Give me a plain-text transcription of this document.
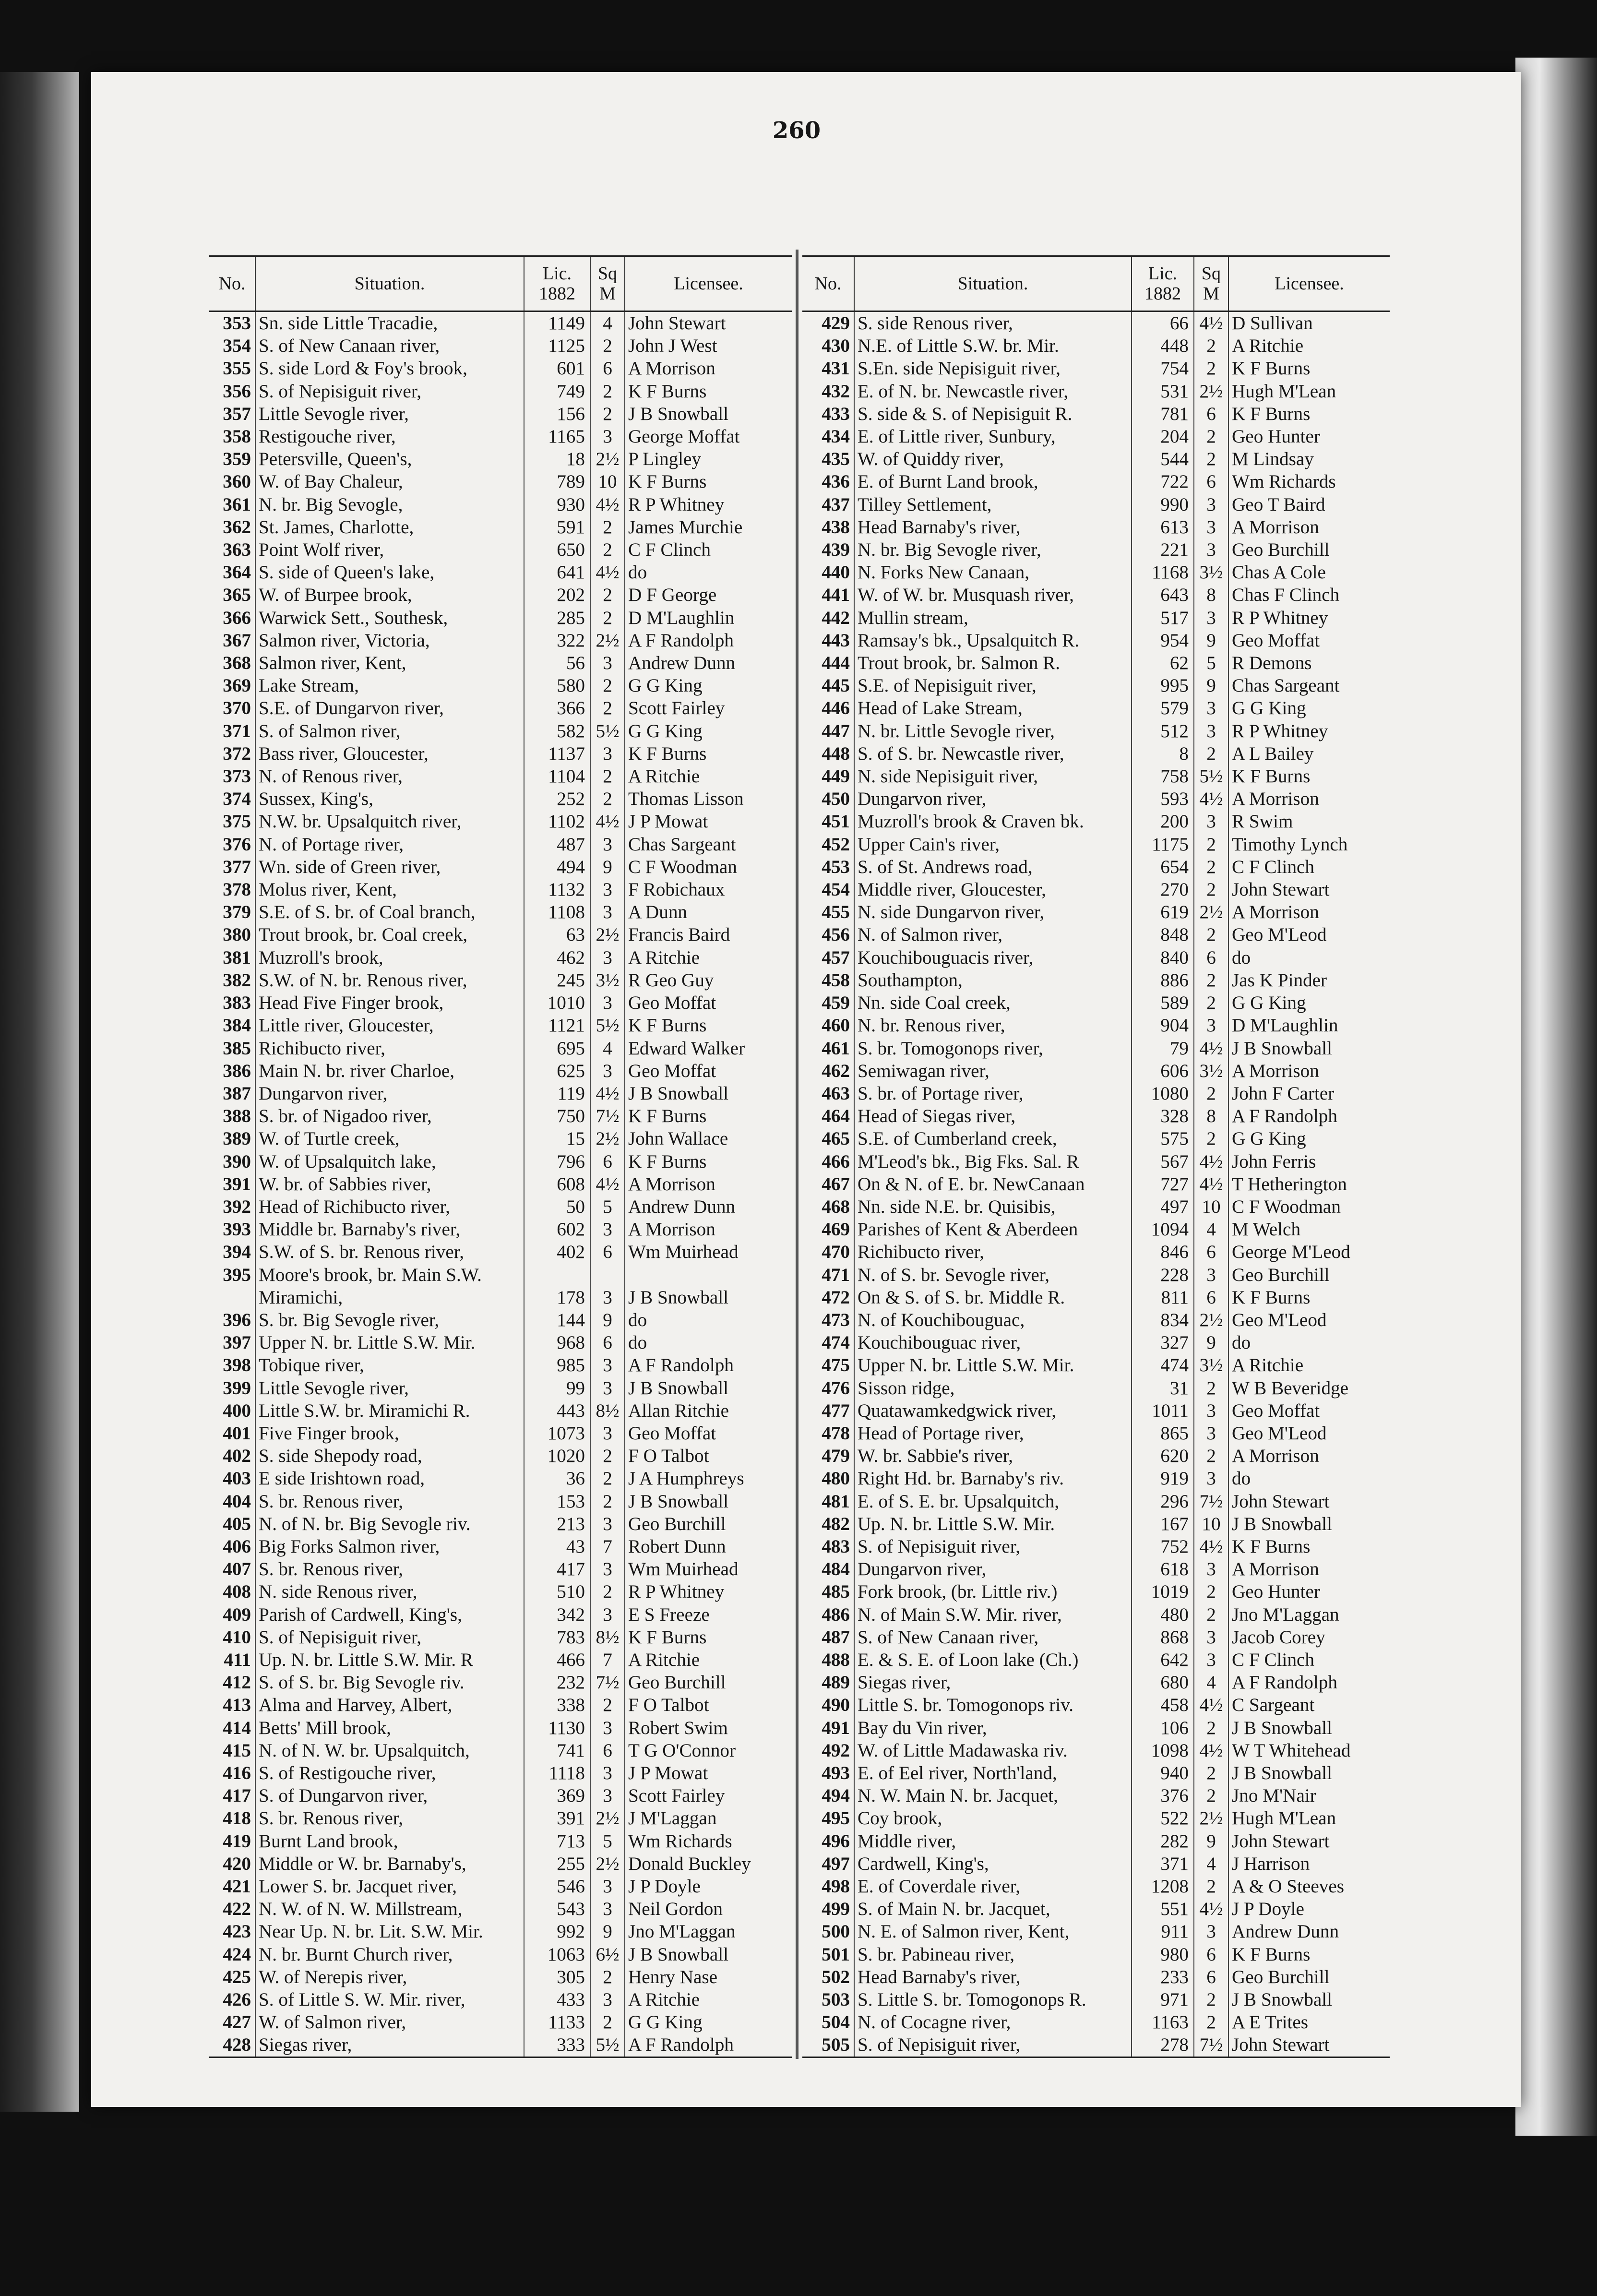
260
No.	Situation.	Lic. 1882	Sq M	Licensee.
353	Sn. side Little Tracadie,	1149	4	John Stewart
354	S. of New Canaan river,	1125	2	John J West
355	S. side Lord & Foy's brook,	601	6	A Morrison
356	S. of Nepisiguit river,	749	2	K F Burns
357	Little Sevogle river,	156	2	J B Snowball
358	Restigouche river,	1165	3	George Moffat
359	Petersville, Queen's,	18	2½	P Lingley
360	W. of Bay Chaleur,	789	10	K F Burns
361	N. br. Big Sevogle,	930	4½	R P Whitney
362	St. James, Charlotte,	591	2	James Murchie
363	Point Wolf river,	650	2	C F Clinch
364	S. side of Queen's lake,	641	4½	do
365	W. of Burpee brook,	202	2	D F George
366	Warwick Sett., Southesk,	285	2	D M'Laughlin
367	Salmon river, Victoria,	322	2½	A F Randolph
368	Salmon river, Kent,	56	3	Andrew Dunn
369	Lake Stream,	580	2	G G King
370	S.E. of Dungarvon river,	366	2	Scott Fairley
371	S. of Salmon river,	582	5½	G G King
372	Bass river, Gloucester,	1137	3	K F Burns
373	N. of Renous river,	1104	2	A Ritchie
374	Sussex, King's,	252	2	Thomas Lisson
375	N.W. br. Upsalquitch river,	1102	4½	J P Mowat
376	N. of Portage river,	487	3	Chas Sargeant
377	Wn. side of Green river,	494	9	C F Woodman
378	Molus river, Kent,	1132	3	F Robichaux
379	S.E. of S. br. of Coal branch,	1108	3	A Dunn
380	Trout brook, br. Coal creek,	63	2½	Francis Baird
381	Muzroll's brook,	462	3	A Ritchie
382	S.W. of N. br. Renous river,	245	3½	R Geo Guy
383	Head Five Finger brook,	1010	3	Geo Moffat
384	Little river, Gloucester,	1121	5½	K F Burns
385	Richibucto river,	695	4	Edward Walker
386	Main N. br. river Charloe,	625	3	Geo Moffat
387	Dungarvon river,	119	4½	J B Snowball
388	S. br. of Nigadoo river,	750	7½	K F Burns
389	W. of Turtle creek,	15	2½	John Wallace
390	W. of Upsalquitch lake,	796	6	K F Burns
391	W. br. of Sabbies river,	608	4½	A Morrison
392	Head of Richibucto river,	50	5	Andrew Dunn
393	Middle br. Barnaby's river,	602	3	A Morrison
394	S.W. of S. br. Renous river,	402	6	Wm Muirhead
395	Moore's brook, br. Main S.W.			
	Miramichi,	178	3	J B Snowball
396	S. br. Big Sevogle river,	144	9	do
397	Upper N. br. Little S.W. Mir.	968	6	do
398	Tobique river,	985	3	A F Randolph
399	Little Sevogle river,	99	3	J B Snowball
400	Little S.W. br. Miramichi R.	443	8½	Allan Ritchie
401	Five Finger brook,	1073	3	Geo Moffat
402	S. side Shepody road,	1020	2	F O Talbot
403	E side Irishtown road,	36	2	J A Humphreys
404	S. br. Renous river,	153	2	J B Snowball
405	N. of N. br. Big Sevogle riv.	213	3	Geo Burchill
406	Big Forks Salmon river,	43	7	Robert Dunn
407	S. br. Renous river,	417	3	Wm Muirhead
408	N. side Renous river,	510	2	R P Whitney
409	Parish of Cardwell, King's,	342	3	E S Freeze
410	S. of Nepisiguit river,	783	8½	K F Burns
411	Up. N. br. Little S.W. Mir. R	466	7	A Ritchie
412	S. of S. br. Big Sevogle riv.	232	7½	Geo Burchill
413	Alma and Harvey, Albert,	338	2	F O Talbot
414	Betts' Mill brook,	1130	3	Robert Swim
415	N. of N. W. br. Upsalquitch,	741	6	T G O'Connor
416	S. of Restigouche river,	1118	3	J P Mowat
417	S. of Dungarvon river,	369	3	Scott Fairley
418	S. br. Renous river,	391	2½	J M'Laggan
419	Burnt Land brook,	713	5	Wm Richards
420	Middle or W. br. Barnaby's,	255	2½	Donald Buckley
421	Lower S. br. Jacquet river,	546	3	J P Doyle
422	N. W. of N. W. Millstream,	543	3	Neil Gordon
423	Near Up. N. br. Lit. S.W. Mir.	992	9	Jno M'Laggan
424	N. br. Burnt Church river,	1063	6½	J B Snowball
425	W. of Nerepis river,	305	2	Henry Nase
426	S. of Little S. W. Mir. river,	433	3	A Ritchie
427	W. of Salmon river,	1133	2	G G King
428	Siegas river,	333	5½	A F Randolph
No.	Situation.	Lic. 1882	Sq M	Licensee.
429	S. side Renous river,	66	4½	D Sullivan
430	N.E. of Little S.W. br. Mir.	448	2	A Ritchie
431	S.En. side Nepisiguit river,	754	2	K F Burns
432	E. of N. br. Newcastle river,	531	2½	Hugh M'Lean
433	S. side & S. of Nepisiguit R.	781	6	K F Burns
434	E. of Little river, Sunbury,	204	2	Geo Hunter
435	W. of Quiddy river,	544	2	M Lindsay
436	E. of Burnt Land brook,	722	6	Wm Richards
437	Tilley Settlement,	990	3	Geo T Baird
438	Head Barnaby's river,	613	3	A Morrison
439	N. br. Big Sevogle river,	221	3	Geo Burchill
440	N. Forks New Canaan,	1168	3½	Chas A Cole
441	W. of W. br. Musquash river,	643	8	Chas F Clinch
442	Mullin stream,	517	3	R P Whitney
443	Ramsay's bk., Upsalquitch R.	954	9	Geo Moffat
444	Trout brook, br. Salmon R.	62	5	R Demons
445	S.E. of Nepisiguit river,	995	9	Chas Sargeant
446	Head of Lake Stream,	579	3	G G King
447	N. br. Little Sevogle river,	512	3	R P Whitney
448	S. of S. br. Newcastle river,	8	2	A L Bailey
449	N. side Nepisiguit river,	758	5½	K F Burns
450	Dungarvon river,	593	4½	A Morrison
451	Muzroll's brook & Craven bk.	200	3	R Swim
452	Upper Cain's river,	1175	2	Timothy Lynch
453	S. of St. Andrews road,	654	2	C F Clinch
454	Middle river, Gloucester,	270	2	John Stewart
455	N. side Dungarvon river,	619	2½	A Morrison
456	N. of Salmon river,	848	2	Geo M'Leod
457	Kouchibouguacis river,	840	6	do
458	Southampton,	886	2	Jas K Pinder
459	Nn. side Coal creek,	589	2	G G King
460	N. br. Renous river,	904	3	D M'Laughlin
461	S. br. Tomogonops river,	79	4½	J B Snowball
462	Semiwagan river,	606	3½	A Morrison
463	S. br. of Portage river,	1080	2	John F Carter
464	Head of Siegas river,	328	8	A F Randolph
465	S.E. of Cumberland creek,	575	2	G G King
466	M'Leod's bk., Big Fks. Sal. R	567	4½	John Ferris
467	On & N. of E. br. NewCanaan	727	4½	T Hetherington
468	Nn. side N.E. br. Quisibis,	497	10	C F Woodman
469	Parishes of Kent & Aberdeen	1094	4	M Welch
470	Richibucto river,	846	6	George M'Leod
471	N. of S. br. Sevogle river,	228	3	Geo Burchill
472	On & S. of S. br. Middle R.	811	6	K F Burns
473	N. of Kouchibouguac,	834	2½	Geo M'Leod
474	Kouchibouguac river,	327	9	do
475	Upper N. br. Little S.W. Mir.	474	3½	A Ritchie
476	Sisson ridge,	31	2	W B Beveridge
477	Quatawamkedgwick river,	1011	3	Geo Moffat
478	Head of Portage river,	865	3	Geo M'Leod
479	W. br. Sabbie's river,	620	2	A Morrison
480	Right Hd. br. Barnaby's riv.	919	3	do
481	E. of S. E. br. Upsalquitch,	296	7½	John Stewart
482	Up. N. br. Little S.W. Mir.	167	10	J B Snowball
483	S. of Nepisiguit river,	752	4½	K F Burns
484	Dungarvon river,	618	3	A Morrison
485	Fork brook, (br. Little riv.)	1019	2	Geo Hunter
486	N. of Main S.W. Mir. river,	480	2	Jno M'Laggan
487	S. of New Canaan river,	868	3	Jacob Corey
488	E. & S. E. of Loon lake (Ch.)	642	3	C F Clinch
489	Siegas river,	680	4	A F Randolph
490	Little S. br. Tomogonops riv.	458	4½	C Sargeant
491	Bay du Vin river,	106	2	J B Snowball
492	W. of Little Madawaska riv.	1098	4½	W T Whitehead
493	E. of Eel river, North'land,	940	2	J B Snowball
494	N. W. Main N. br. Jacquet,	376	2	Jno M'Nair
495	Coy brook,	522	2½	Hugh M'Lean
496	Middle river,	282	9	John Stewart
497	Cardwell, King's,	371	4	J Harrison
498	E. of Coverdale river,	1208	2	A & O Steeves
499	S. of Main N. br. Jacquet,	551	4½	J P Doyle
500	N. E. of Salmon river, Kent,	911	3	Andrew Dunn
501	S. br. Pabineau river,	980	6	K F Burns
502	Head Barnaby's river,	233	6	Geo Burchill
503	S. Little S. br. Tomogonops R.	971	2	J B Snowball
504	N. of Cocagne river,	1163	2	A E Trites
505	S. of Nepisiguit river,	278	7½	John Stewart
